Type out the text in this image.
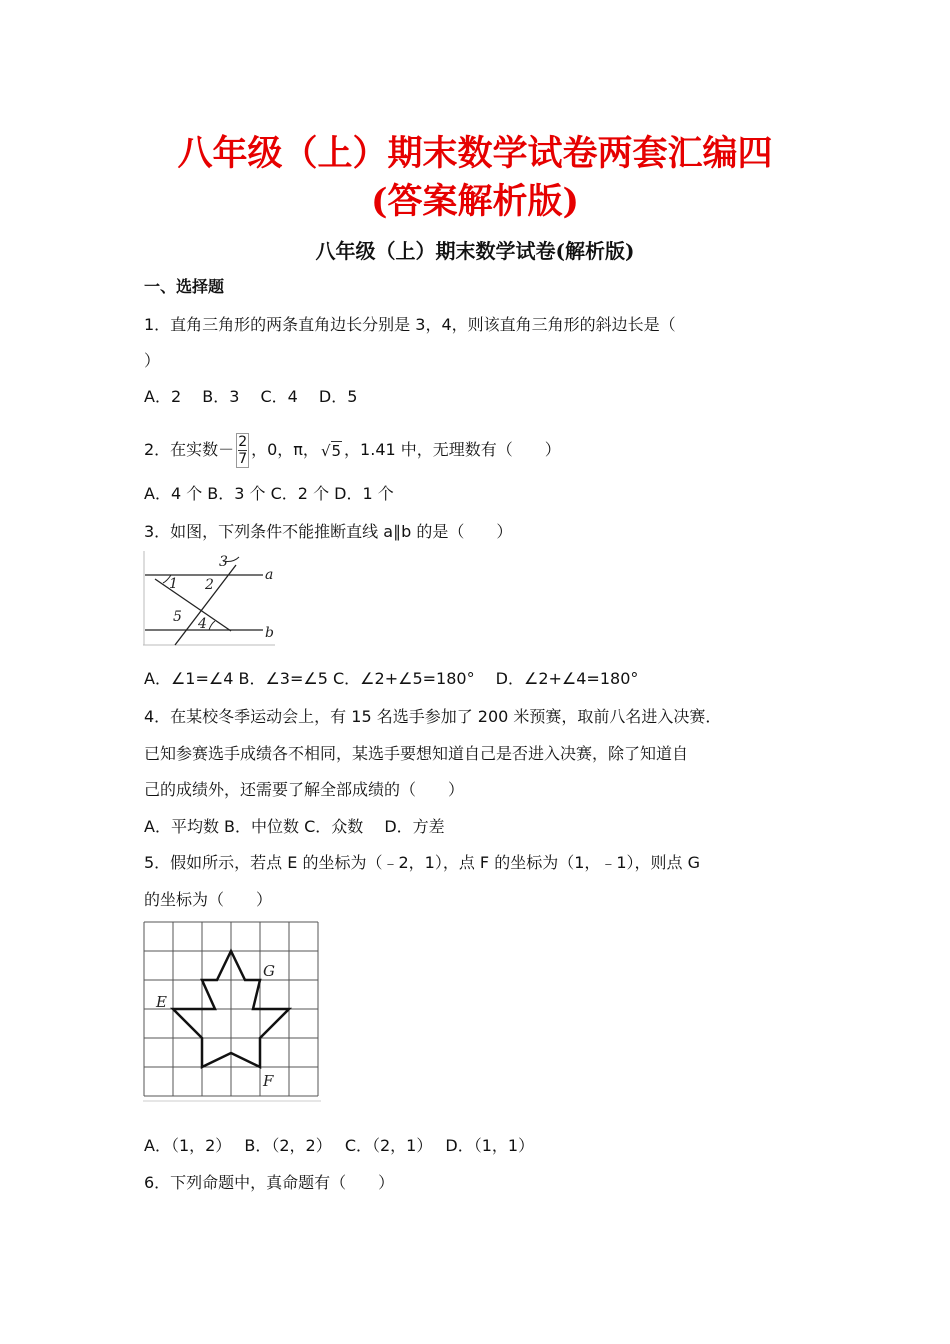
八年级（上）期末数学试卷两套汇编四
(答案解析版)
八年级（上）期末数学试卷(解析版)
一、选择题
1．直角三角形的两条直角边长分别是 3，4，则该直角三角形的斜边长是（
）
A．2　 B．3　 C．4　 D．5
2．在实数－ $\frac{2}{7}$ ，0，π， √5 ，1.41 中，无理数有（　　）
A．4 个 B．3 个 C．2 个 D．1 个
3．如图，下列条件不能推断直线 a∥b 的是（　　）
1 2
3
5 4
a
b
A．∠1=∠4 B．∠3=∠5 C．∠2+∠5=180°　 D．∠2+∠4=180°
4．在某校冬季运动会上，有 15 名选手参加了 200 米预赛，取前八名进入决赛．
已知参赛选手成绩各不相同，某选手要想知道自己是否进入决赛，除了知道自
己的成绩外，还需要了解全部成绩的（　　）
A．平均数 B．中位数 C．众数　 D．方差
5．假如所示，若点 E 的坐标为（﹣2，1），点 F 的坐标为（1，﹣1），则点 G
的坐标为（　　）
E
G
F
A．（1，2）　 B．（2，2）　 C．（2，1）　 D．（1，1）
6．下列命题中，真命题有（　　）
